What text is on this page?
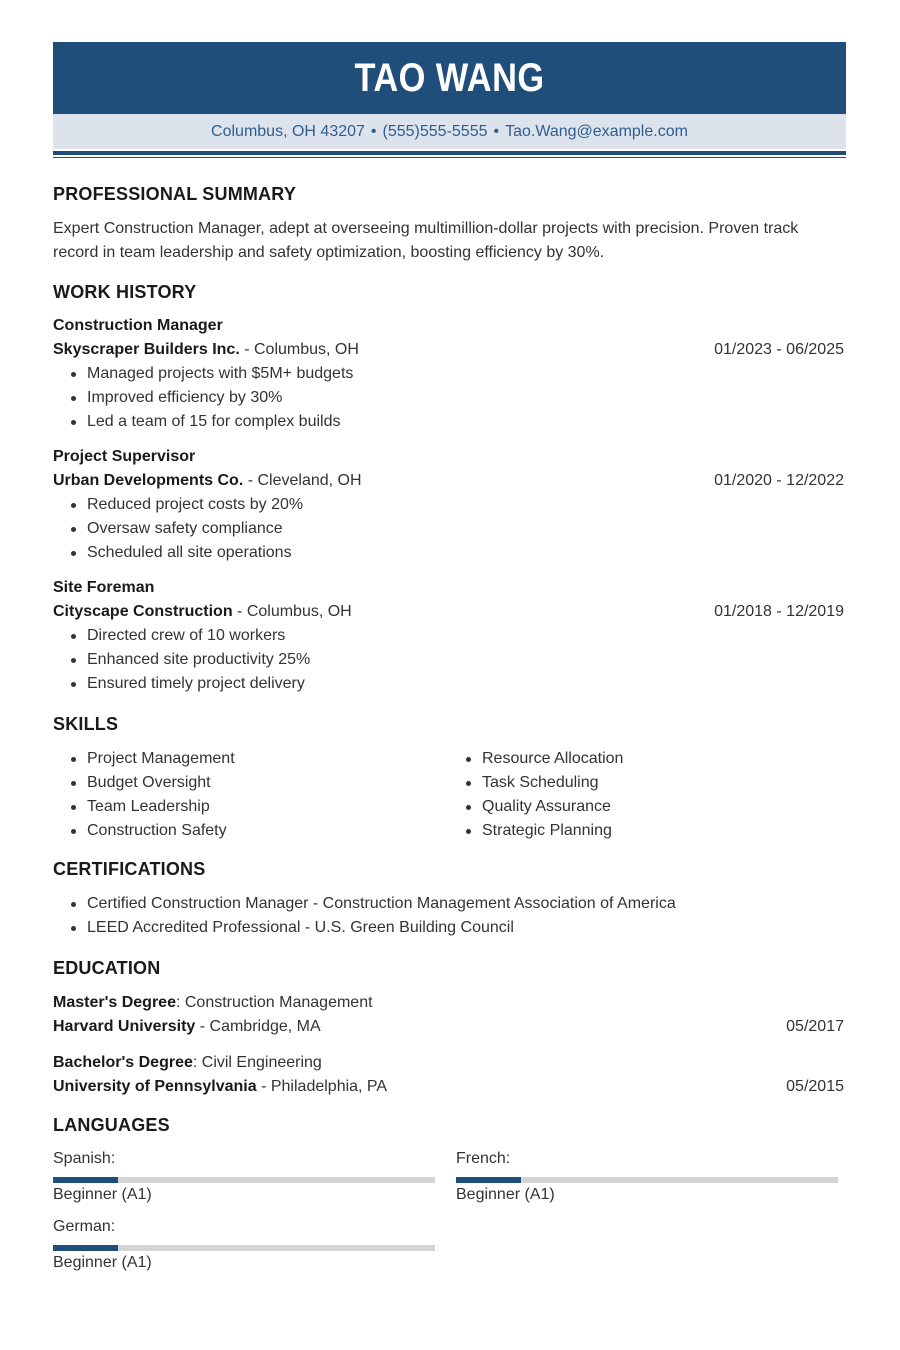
TAO WANG
Columbus, OH 43207 • (555)555-5555 • Tao.Wang@example.com
PROFESSIONAL SUMMARY
Expert Construction Manager, adept at overseeing multimillion-dollar projects with precision. Proven track
record in team leadership and safety optimization, boosting efficiency by 30%.
WORK HISTORY
Construction Manager
Skyscraper Builders Inc. - Columbus, OH	01/2023 - 06/2025
Managed projects with $5M+ budgets
Improved efficiency by 30%
Led a team of 15 for complex builds
Project Supervisor
Urban Developments Co. - Cleveland, OH	01/2020 - 12/2022
Reduced project costs by 20%
Oversaw safety compliance
Scheduled all site operations
Site Foreman
Cityscape Construction - Columbus, OH	01/2018 - 12/2019
Directed crew of 10 workers
Enhanced site productivity 25%
Ensured timely project delivery
SKILLS
Project Management
Budget Oversight
Team Leadership
Construction Safety
Resource Allocation
Task Scheduling
Quality Assurance
Strategic Planning
CERTIFICATIONS
Certified Construction Manager - Construction Management Association of America
LEED Accredited Professional - U.S. Green Building Council
EDUCATION
Master's Degree: Construction Management
Harvard University - Cambridge, MA	05/2017
Bachelor's Degree: Civil Engineering
University of Pennsylvania - Philadelphia, PA	05/2015
LANGUAGES
Spanish:
Beginner (A1)
French:
Beginner (A1)
German:
Beginner (A1)
